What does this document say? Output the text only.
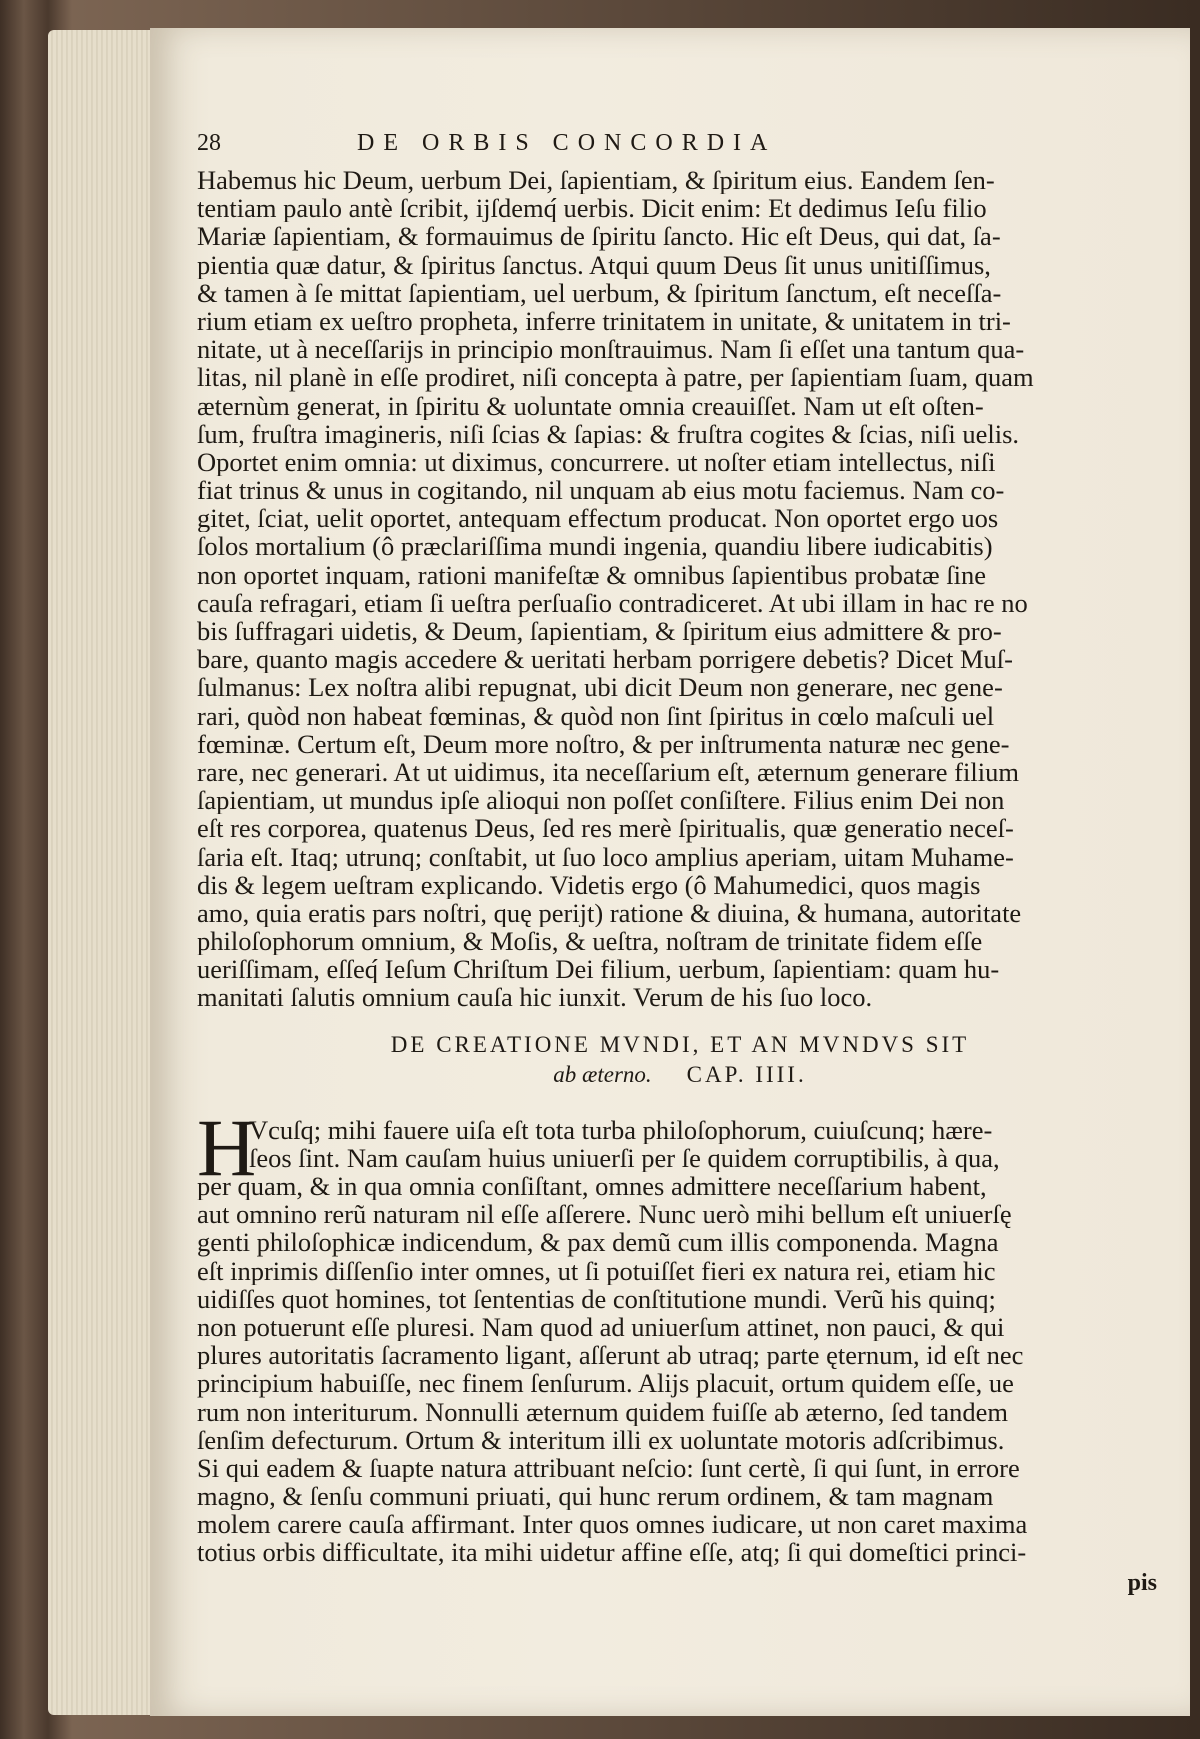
28	DE ORBIS CONCORDIA
Habemus hic Deum, uerbum Dei, ſapientiam, & ſpiritum eius. Eandem ſen-
tentiam paulo antè ſcribit, ijſdemq́ uerbis. Dicit enim: Et dedimus Ieſu filio
Mariæ ſapientiam, & formauimus de ſpiritu ſancto. Hic eſt Deus, qui dat, ſa-
pientia quæ datur, & ſpiritus ſanctus. Atqui quum Deus ſit unus unitiſſimus,
& tamen à ſe mittat ſapientiam, uel uerbum, & ſpiritum ſanctum, eſt neceſſa-
rium etiam ex ueſtro propheta, inferre trinitatem in unitate, & unitatem in tri-
nitate, ut à neceſſarijs in principio monſtrauimus. Nam ſi eſſet una tantum qua-
litas, nil planè in eſſe prodiret, niſi concepta à patre, per ſapientiam ſuam, quam
æternùm generat, in ſpiritu & uoluntate omnia creauiſſet. Nam ut eſt oſten-
ſum, fruſtra imagineris, niſi ſcias & ſapias: & fruſtra cogites & ſcias, niſi uelis.
Oportet enim omnia: ut diximus, concurrere. ut noſter etiam intellectus, niſi
fiat trinus & unus in cogitando, nil unquam ab eius motu faciemus. Nam co-
gitet, ſciat, uelit oportet, antequam effectum producat. Non oportet ergo uos
ſolos mortalium (ô præclariſſima mundi ingenia, quandiu libere iudicabitis)
non oportet inquam, rationi manifeſtæ & omnibus ſapientibus probatæ ſine
cauſa refragari, etiam ſi ueſtra perſuaſio contradiceret. At ubi illam in hac re no
bis ſuffragari uidetis, & Deum, ſapientiam, & ſpiritum eius admittere & pro-
bare, quanto magis accedere & ueritati herbam porrigere debetis? Dicet Muſ-
ſulmanus: Lex noſtra alibi repugnat, ubi dicit Deum non generare, nec gene-
rari, quòd non habeat fœminas, & quòd non ſint ſpiritus in cœlo maſculi uel
fœminæ. Certum eſt, Deum more noſtro, & per inſtrumenta naturæ nec gene-
rare, nec generari. At ut uidimus, ita neceſſarium eſt, æternum generare filium
ſapientiam, ut mundus ipſe alioqui non poſſet conſiſtere. Filius enim Dei non
eſt res corporea, quatenus Deus, ſed res merè ſpiritualis, quæ generatio neceſ-
ſaria eſt. Itaq; utrunq; conſtabit, ut ſuo loco amplius aperiam, uitam Muhame-
dis & legem ueſtram explicando. Videtis ergo (ô Mahumedici, quos magis
amo, quia eratis pars noſtri, quę perijt) ratione & diuina, & humana, autoritate
philoſophorum omnium, & Moſis, & ueſtra, noſtram de trinitate fidem eſſe
ueriſſimam, eſſeq́ Ieſum Chriſtum Dei filium, uerbum, ſapientiam: quam hu-
manitati ſalutis omnium cauſa hic iunxit. Verum de his ſuo loco.
DE CREATIONE MVNDI, ET AN MVNDVS SIT
ab æterno. CAP. IIII.
H
Vcuſq; mihi fauere uiſa eſt tota turba philoſophorum, cuiuſcunq; hære-
ſeos ſint. Nam cauſam huius uniuerſi per ſe quidem corruptibilis, à qua,
per quam, & in qua omnia conſiſtant, omnes admittere neceſſarium habent,
aut omnino rerũ naturam nil eſſe aſſerere. Nunc uerò mihi bellum eſt uniuerſę
genti philoſophicæ indicendum, & pax demũ cum illis componenda. Magna
eſt inprimis diſſenſio inter omnes, ut ſi potuiſſet fieri ex natura rei, etiam hic
uidiſſes quot homines, tot ſententias de conſtitutione mundi. Verũ his quinq;
non potuerunt eſſe pluresi. Nam quod ad uniuerſum attinet, non pauci, & qui
plures autoritatis ſacramento ligant, aſſerunt ab utraq; parte ęternum, id eſt nec
principium habuiſſe, nec finem ſenſurum. Alijs placuit, ortum quidem eſſe, ue
rum non interiturum. Nonnulli æternum quidem fuiſſe ab æterno, ſed tandem
ſenſim defecturum. Ortum & interitum illi ex uoluntate motoris adſcribimus.
Si qui eadem & ſuapte natura attribuant neſcio: ſunt certè, ſi qui ſunt, in errore
magno, & ſenſu communi priuati, qui hunc rerum ordinem, & tam magnam
molem carere cauſa affirmant. Inter quos omnes iudicare, ut non caret maxima
totius orbis difficultate, ita mihi uidetur affine eſſe, atq; ſi qui domeſtici princi-
pis
